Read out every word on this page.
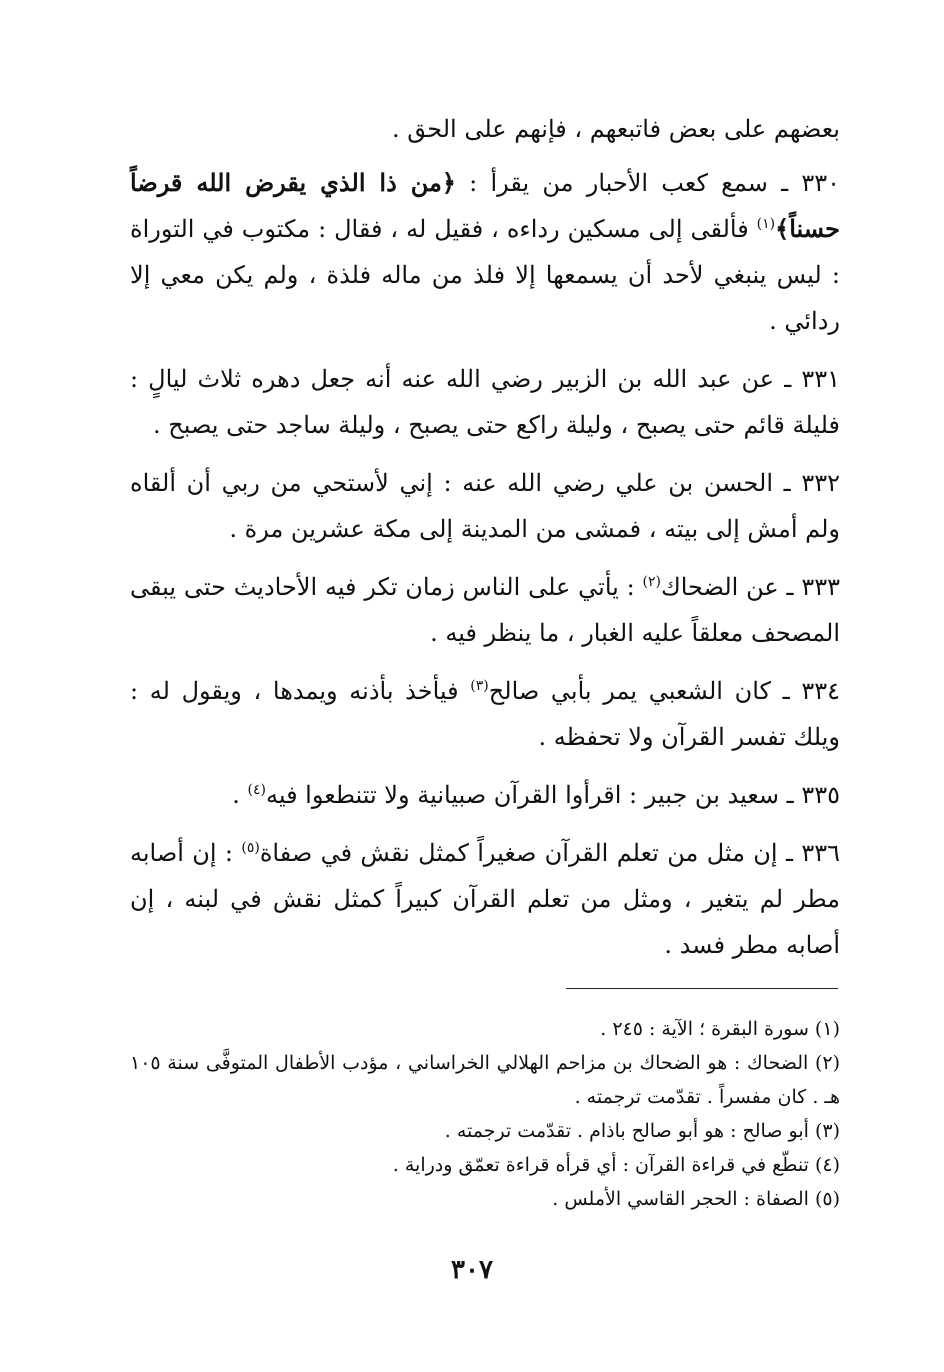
بعضهم على بعض فاتبعهم ، فإنهم على الحق .

٣٣٠ ـ سمع كعب الأحبار من يقرأ : ﴿من ذا الذي يقرض الله قرضاً حسناً﴾$^{(١)}$ فألقى إلى مسكين رداءه ، فقيل له ، فقال : مكتوب في التوراة : ليس ينبغي لأحد أن يسمعها إلا فلذ من ماله فلذة ، ولم يكن معي إلا ردائي .

٣٣١ ـ عن عبد الله بن الزبير رضي الله عنه أنه جعل دهره ثلاث ليالٍ : فليلة قائم حتى يصبح ، وليلة راكع حتى يصبح ، وليلة ساجد حتى يصبح .

٣٣٢ ـ الحسن بن علي رضي الله عنه : إني لأستحي من ربي أن ألقاه ولم أمش إلى بيته ، فمشى من المدينة إلى مكة عشرين مرة .

٣٣٣ ـ عن الضحاك$^{(٢)}$ : يأتي على الناس زمان تكر فيه الأحاديث حتى يبقى المصحف معلقاً عليه الغبار ، ما ينظر فيه .

٣٣٤ ـ كان الشعبي يمر بأبي صالح$^{(٣)}$ فيأخذ بأذنه ويمدها ، ويقول له : ويلك تفسر القرآن ولا تحفظه .

٣٣٥ ـ سعيد بن جبير : اقرأوا القرآن صبيانية ولا تتنطعوا فيه$^{(٤)}$ .

٣٣٦ ـ إن مثل من تعلم القرآن صغيراً كمثل نقش في صفاة$^{(٥)}$ : إن أصابه مطر لم يتغير ، ومثل من تعلم القرآن كبيراً كمثل نقش في لبنه ، إن أصابه مطر فسد .

(١) سورة البقرة ؛ الآية : ٢٤٥ .

(٢) الضحاك : هو الضحاك بن مزاحم الهلالي الخراساني ، مؤدب الأطفال المتوفَّى سنة ١٠٥ هـ . كان مفسراً . تقدّمت ترجمته .

(٣) أبو صالح : هو أبو صالح باذام . تقدّمت ترجمته .

(٤) تنطّع في قراءة القرآن : أي قرأه قراءة تعمّق ودراية .

(٥) الصفاة : الحجر القاسي الأملس .

٣٠٧
